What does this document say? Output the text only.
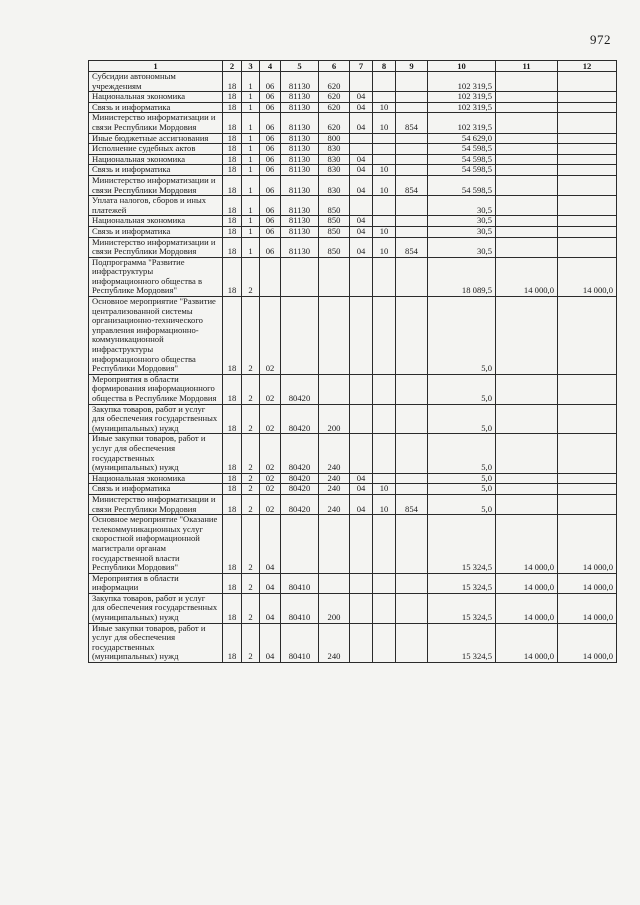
972
1	2	3	4	5	6	7	8	9	10	11	12
Субсидии автономным учреждениям	18	1	06	81130	620				102 319,5		
Национальная экономика	18	1	06	81130	620	04			102 319,5		
Связь и информатика	18	1	06	81130	620	04	10		102 319,5		
Министерство информатизации и связи Республики Мордовия	18	1	06	81130	620	04	10	854	102 319,5		
Иные бюджетные ассигнования	18	1	06	81130	800				54 629,0		
Исполнение судебных актов	18	1	06	81130	830				54 598,5		
Национальная экономика	18	1	06	81130	830	04			54 598,5		
Связь и информатика	18	1	06	81130	830	04	10		54 598,5		
Министерство информатизации и связи Республики Мордовия	18	1	06	81130	830	04	10	854	54 598,5		
Уплата налогов, сборов и иных платежей	18	1	06	81130	850				30,5		
Национальная экономика	18	1	06	81130	850	04			30,5		
Связь и информатика	18	1	06	81130	850	04	10		30,5		
Министерство информатизации и связи Республики Мордовия	18	1	06	81130	850	04	10	854	30,5		
Подпрограмма "Развитие инфраструктуры информационного общества в Республике Мордовия"	18	2							18 089,5	14 000,0	14 000,0
Основное мероприятие "Развитие централизованной системы организационно-технического управления информационно-коммуникационной инфраструктуры информационного общества Республики Мордовия"	18	2	02						5,0		
Мероприятия в области формирования информационного общества в Республике Мордовия	18	2	02	80420					5,0		
Закупка товаров, работ и услуг для обеспечения государственных (муниципальных) нужд	18	2	02	80420	200				5,0		
Иные закупки товаров, работ и услуг для обеспечения государственных (муниципальных) нужд	18	2	02	80420	240				5,0		
Национальная экономика	18	2	02	80420	240	04			5,0		
Связь и информатика	18	2	02	80420	240	04	10		5,0		
Министерство информатизации и связи Республики Мордовия	18	2	02	80420	240	04	10	854	5,0		
Основное мероприятие "Оказание телекоммуникационных услуг скоростной информационной магистрали органам государственной власти Республики Мордовия"	18	2	04						15 324,5	14 000,0	14 000,0
Мероприятия в области информации	18	2	04	80410					15 324,5	14 000,0	14 000,0
Закупка товаров, работ и услуг для обеспечения государственных (муниципальных) нужд	18	2	04	80410	200				15 324,5	14 000,0	14 000,0
Иные закупки товаров, работ и услуг для обеспечения государственных (муниципальных) нужд	18	2	04	80410	240				15 324,5	14 000,0	14 000,0
